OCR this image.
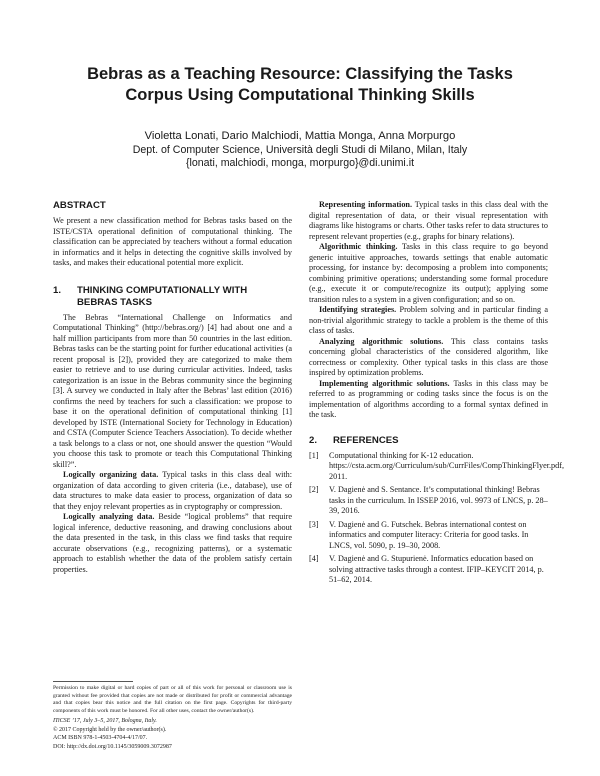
Bebras as a Teaching Resource: Classifying the Tasks
Corpus Using Computational Thinking Skills
Violetta Lonati, Dario Malchiodi, Mattia Monga, Anna Morpurgo
Dept. of Computer Science, Università degli Studi di Milano, Milan, Italy
{lonati, malchiodi, monga, morpurgo}@di.unimi.it
ABSTRACT

We present a new classification method for Bebras tasks based on the ISTE/CSTA operational definition of computational thinking. The classification can be appreciated by teachers without a formal education in informatics and it helps in detecting the cognitive skills involved by tasks, and makes their educational potential more explicit.

1. THINKING COMPUTATIONALLY WITH
BEBRAS TASKS

The Bebras “International Challenge on Informatics and Computational Thinking” (http://bebras.org/) [4] had about one and a half million participants from more than 50 countries in the last edition. Bebras tasks can be the starting point for further educational activities (a recent proposal is [2]), provided they are categorized to make them easier to retrieve and to use during curricular activities. Indeed, tasks categorization is an issue in the Bebras community since the beginning [3]. A survey we conducted in Italy after the Bebras’ last edition (2016) confirms the need by teachers for such a classification: we propose to base it on the operational definition of computational thinking [1] developed by ISTE (International Society for Technology in Education) and CSTA (Computer Science Teachers Association). To decide whether a task belongs to a class or not, one should answer the question “Would you choose this task to promote or teach this Computational Thinking skill?”.

Logically organizing data. Typical tasks in this class deal with: organization of data according to given criteria (i.e., database), use of data structures to make data easier to process, organization of data so that they enjoy relevant properties as in cryptography or compression.

Logically analyzing data. Beside “logical problems” that require logical inference, deductive reasoning, and drawing conclusions about the data presented in the task, in this class we find tasks that require accurate observations (e.g., recognizing patterns), or a systematic approach to establish whether the data of the problem satisfy certain properties.

Representing information. Typical tasks in this class deal with the digital representation of data, or their visual representation with diagrams like histograms or charts. Other tasks refer to data structures to represent relevant properties (e.g., graphs for binary relations).

Algorithmic thinking. Tasks in this class require to go beyond generic intuitive approaches, towards settings that enable automatic processing, for instance by: decomposing a problem into components; combining primitive operations; understanding some formal procedure (e.g., execute it or compute/recognize its output); applying some transition rules to a system in a given configuration; and so on.

Identifying strategies. Problem solving and in particular finding a non-trivial algorithmic strategy to tackle a problem is the theme of this class of tasks.

Analyzing algorithmic solutions. This class contains tasks concerning global characteristics of the considered algorithm, like correctness or complexity. Other typical tasks in this class are those inspired by optimization problems.

Implementing algorithmic solutions. Tasks in this class may be referred to as programming or coding tasks since the focus is on the implementation of algorithms according to a formal syntax defined in the task.

2. REFERENCES
[1]	Computational thinking for K-12 education. https://csta.acm.org/Curriculum/sub/CurrFiles/CompThinkingFlyer.pdf, 2011.
[2]	V. Dagienė and S. Sentance. It’s computational thinking! Bebras tasks in the curriculum. In ISSEP 2016, vol. 9973 of LNCS, p. 28–39, 2016.
[3]	V. Dagienė and G. Futschek. Bebras international contest on informatics and computer literacy: Criteria for good tasks. In LNCS, vol. 5090, p. 19–30, 2008.
[4]	V. Dagienė and G. Stupurienė. Informatics education based on solving attractive tasks through a contest. IFIP–KEYCIT 2014, p. 51–62, 2014.

Permission to make digital or hard copies of part or all of this work for personal or classroom use is granted without fee provided that copies are not made or distributed for profit or commercial advantage and that copies bear this notice and the full citation on the first page. Copyrights for third-party components of this work must be honored. For all other uses, contact the owner/author(s).

ITiCSE ’17, July 3–5, 2017, Bologna, Italy.
© 2017 Copyright held by the owner/author(s).
ACM ISBN 978-1-4503-4704-4/17/07.
DOI: http://dx.doi.org/10.1145/3059009.3072987
